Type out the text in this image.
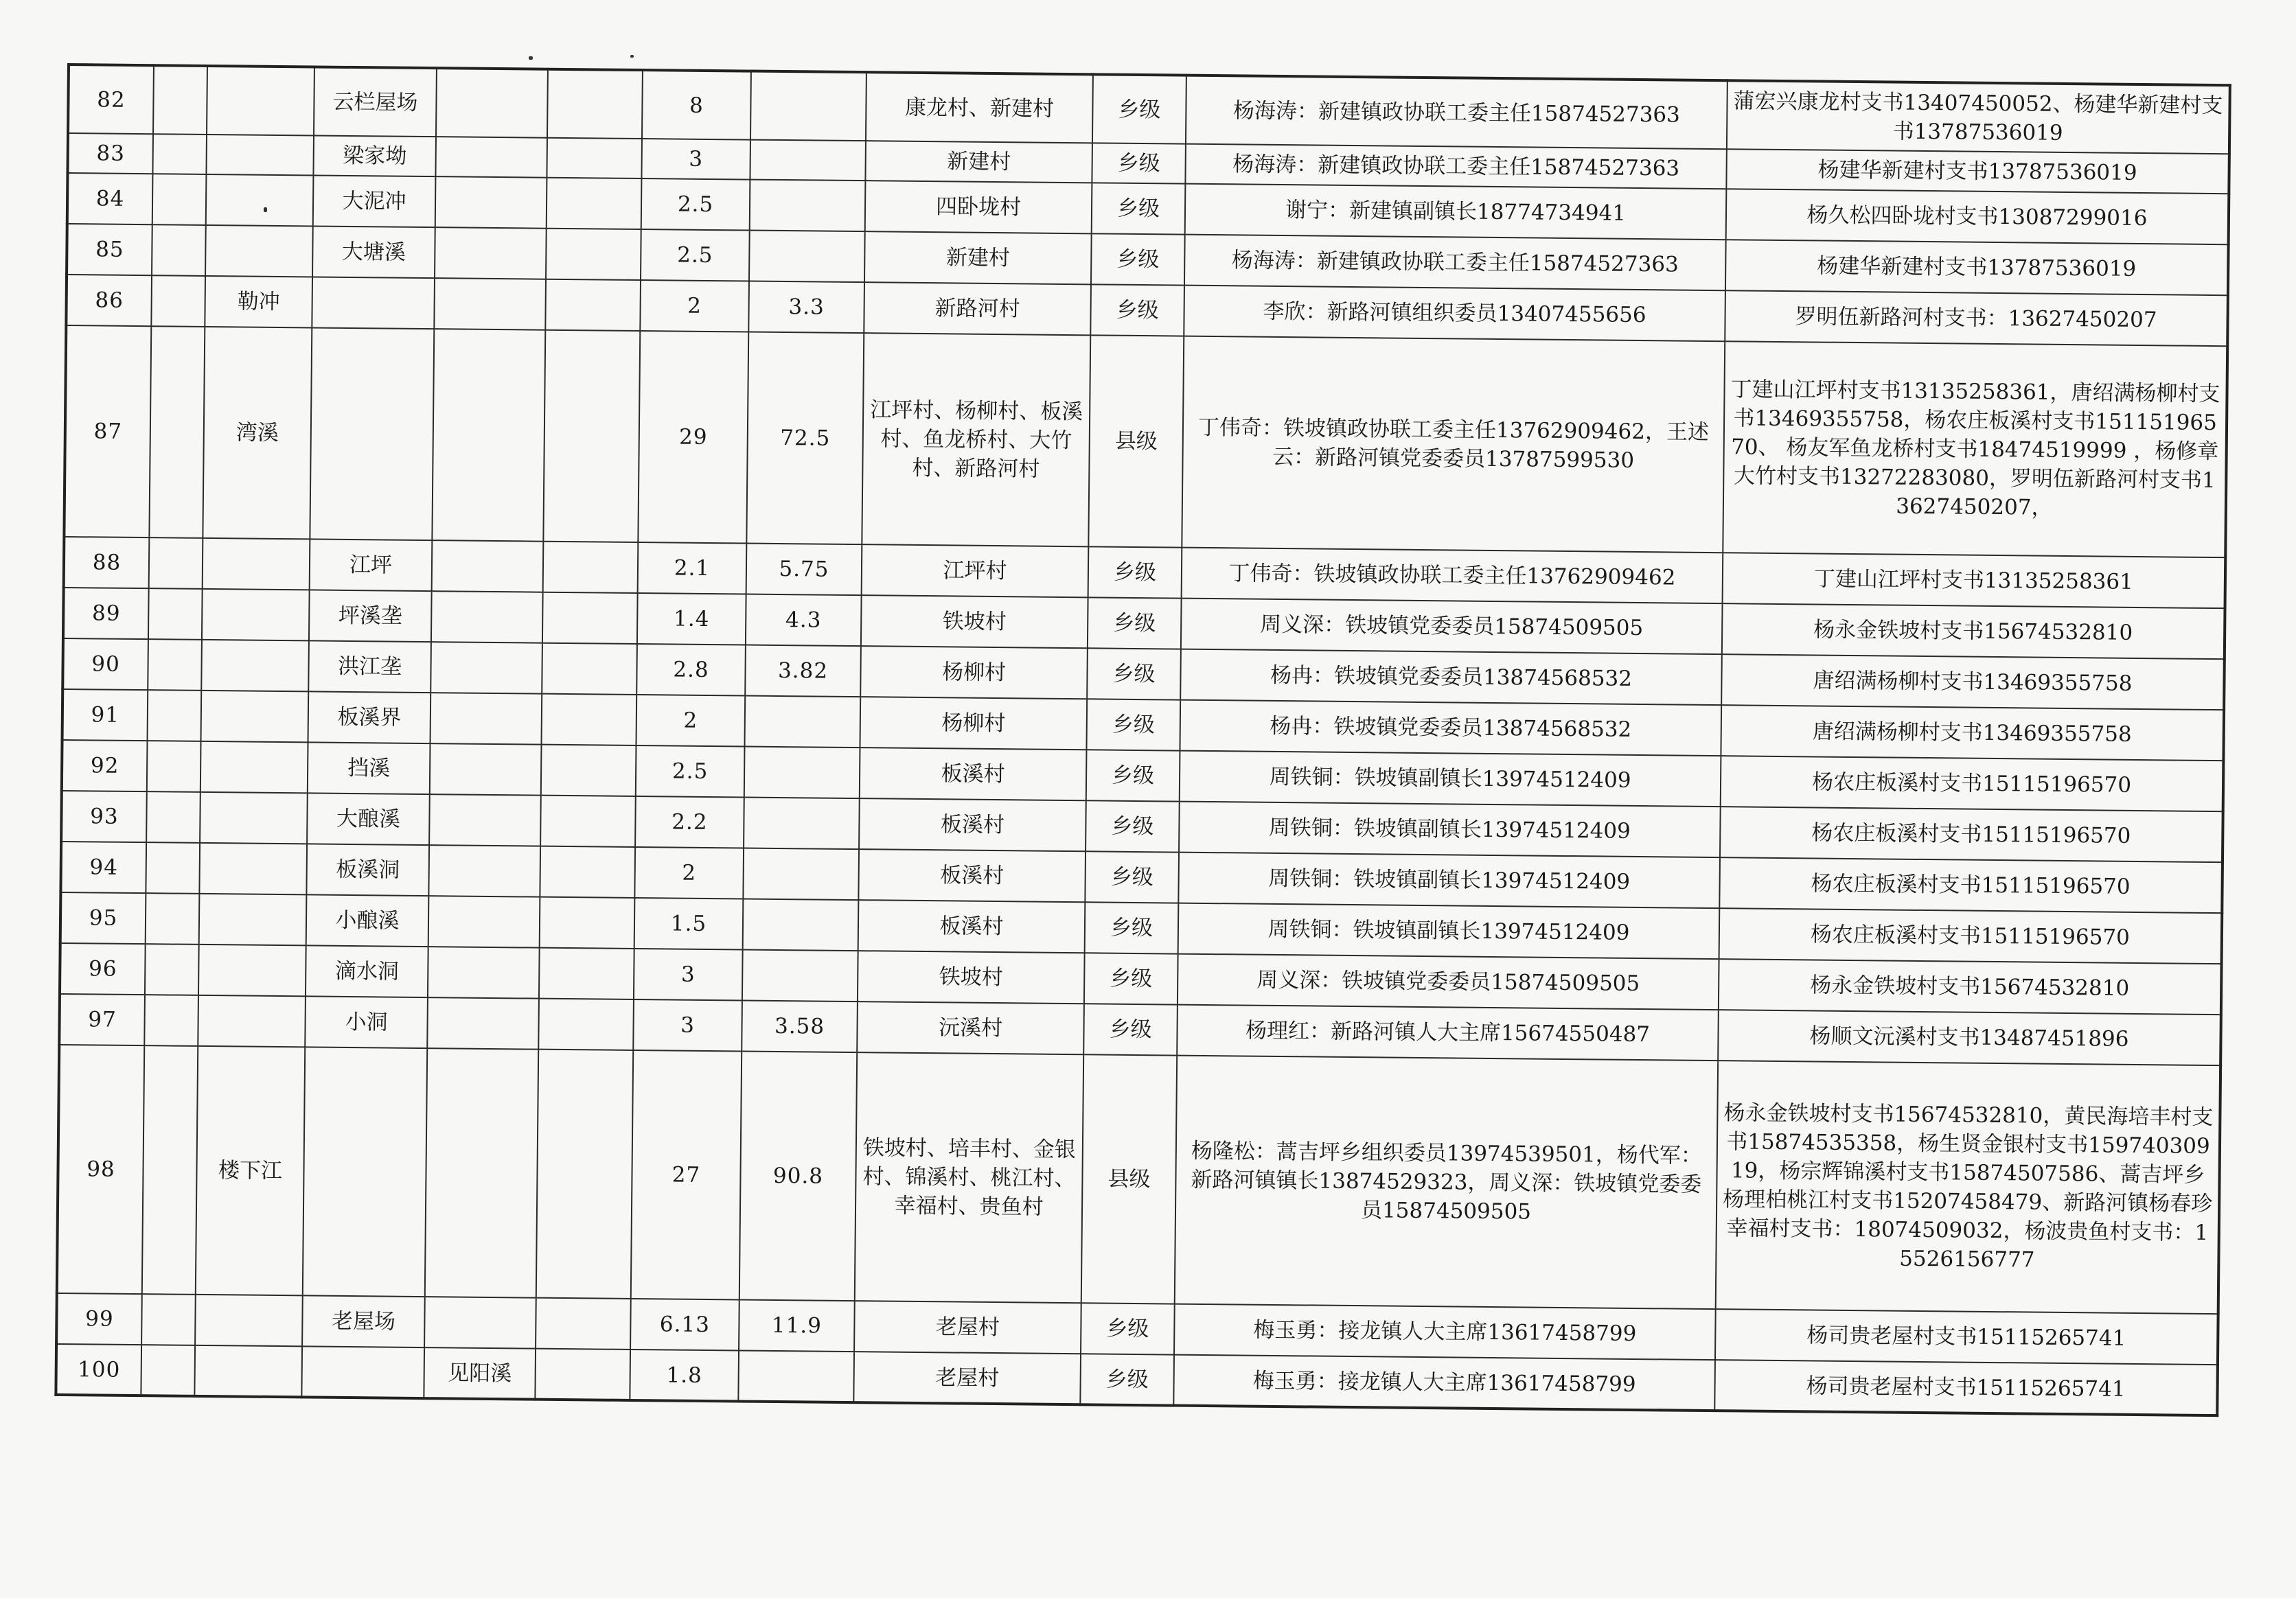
82			云栏屋场			8		康龙村、新建村	乡级	杨海涛：新建镇政协联工委主任15874527363	蒲宏兴康龙村支书13407450052、杨建华新建村支书13787536019
83			梁家坳			3		新建村	乡级	杨海涛：新建镇政协联工委主任15874527363	杨建华新建村支书13787536019
84			大泥冲			2.5		四卧垅村	乡级	谢宁：新建镇副镇长18774734941	杨久松四卧垅村支书13087299016
85			大塘溪			2.5		新建村	乡级	杨海涛：新建镇政协联工委主任15874527363	杨建华新建村支书13787536019
86		勒冲				2	3.3	新路河村	乡级	李欣：新路河镇组织委员13407455656	罗明伍新路河村支书：13627450207
87		湾溪				29	72.5	江坪村、杨柳村、板溪村、鱼龙桥村、大竹村、新路河村	县级	丁伟奇：铁坡镇政协联工委主任13762909462，王述云：新路河镇党委委员13787599530	丁建山江坪村支书13135258361，唐绍满杨柳村支书13469355758，杨农庄板溪村支书15115196570、 杨友军鱼龙桥村支书18474519999 ，杨修章大竹村支书13272283080，罗明伍新路河村支书13627450207，
88			江坪			2.1	5.75	江坪村	乡级	丁伟奇：铁坡镇政协联工委主任13762909462	丁建山江坪村支书13135258361
89			坪溪垄			1.4	4.3	铁坡村	乡级	周义深：铁坡镇党委委员15874509505	杨永金铁坡村支书15674532810
90			洪江垄			2.8	3.82	杨柳村	乡级	杨冉：铁坡镇党委委员13874568532	唐绍满杨柳村支书13469355758
91			板溪界			2		杨柳村	乡级	杨冉：铁坡镇党委委员13874568532	唐绍满杨柳村支书13469355758
92			挡溪			2.5		板溪村	乡级	周铁铜：铁坡镇副镇长13974512409	杨农庄板溪村支书15115196570
93			大酿溪			2.2		板溪村	乡级	周铁铜：铁坡镇副镇长13974512409	杨农庄板溪村支书15115196570
94			板溪洞			2		板溪村	乡级	周铁铜：铁坡镇副镇长13974512409	杨农庄板溪村支书15115196570
95			小酿溪			1.5		板溪村	乡级	周铁铜：铁坡镇副镇长13974512409	杨农庄板溪村支书15115196570
96			滴水洞			3		铁坡村	乡级	周义深：铁坡镇党委委员15874509505	杨永金铁坡村支书15674532810
97			小洞			3	3.58	沅溪村	乡级	杨理红：新路河镇人大主席15674550487	杨顺文沅溪村支书13487451896
98		楼下江				27	90.8	铁坡村、培丰村、金银村、锦溪村、桃江村、幸福村、贵鱼村	县级	杨隆松：蒿吉坪乡组织委员13974539501，杨代军：新路河镇镇长13874529323，周义深：铁坡镇党委委员15874509505	杨永金铁坡村支书15674532810，黄民海培丰村支书15874535358，杨生贤金银村支书15974030919，杨宗辉锦溪村支书15874507586、蒿吉坪乡杨理柏桃江村支书15207458479、新路河镇杨春珍幸福村支书：18074509032，杨波贵鱼村支书：15526156777
99			老屋场			6.13	11.9	老屋村	乡级	梅玉勇：接龙镇人大主席13617458799	杨司贵老屋村支书15115265741
100				见阳溪		1.8		老屋村	乡级	梅玉勇：接龙镇人大主席13617458799	杨司贵老屋村支书15115265741
